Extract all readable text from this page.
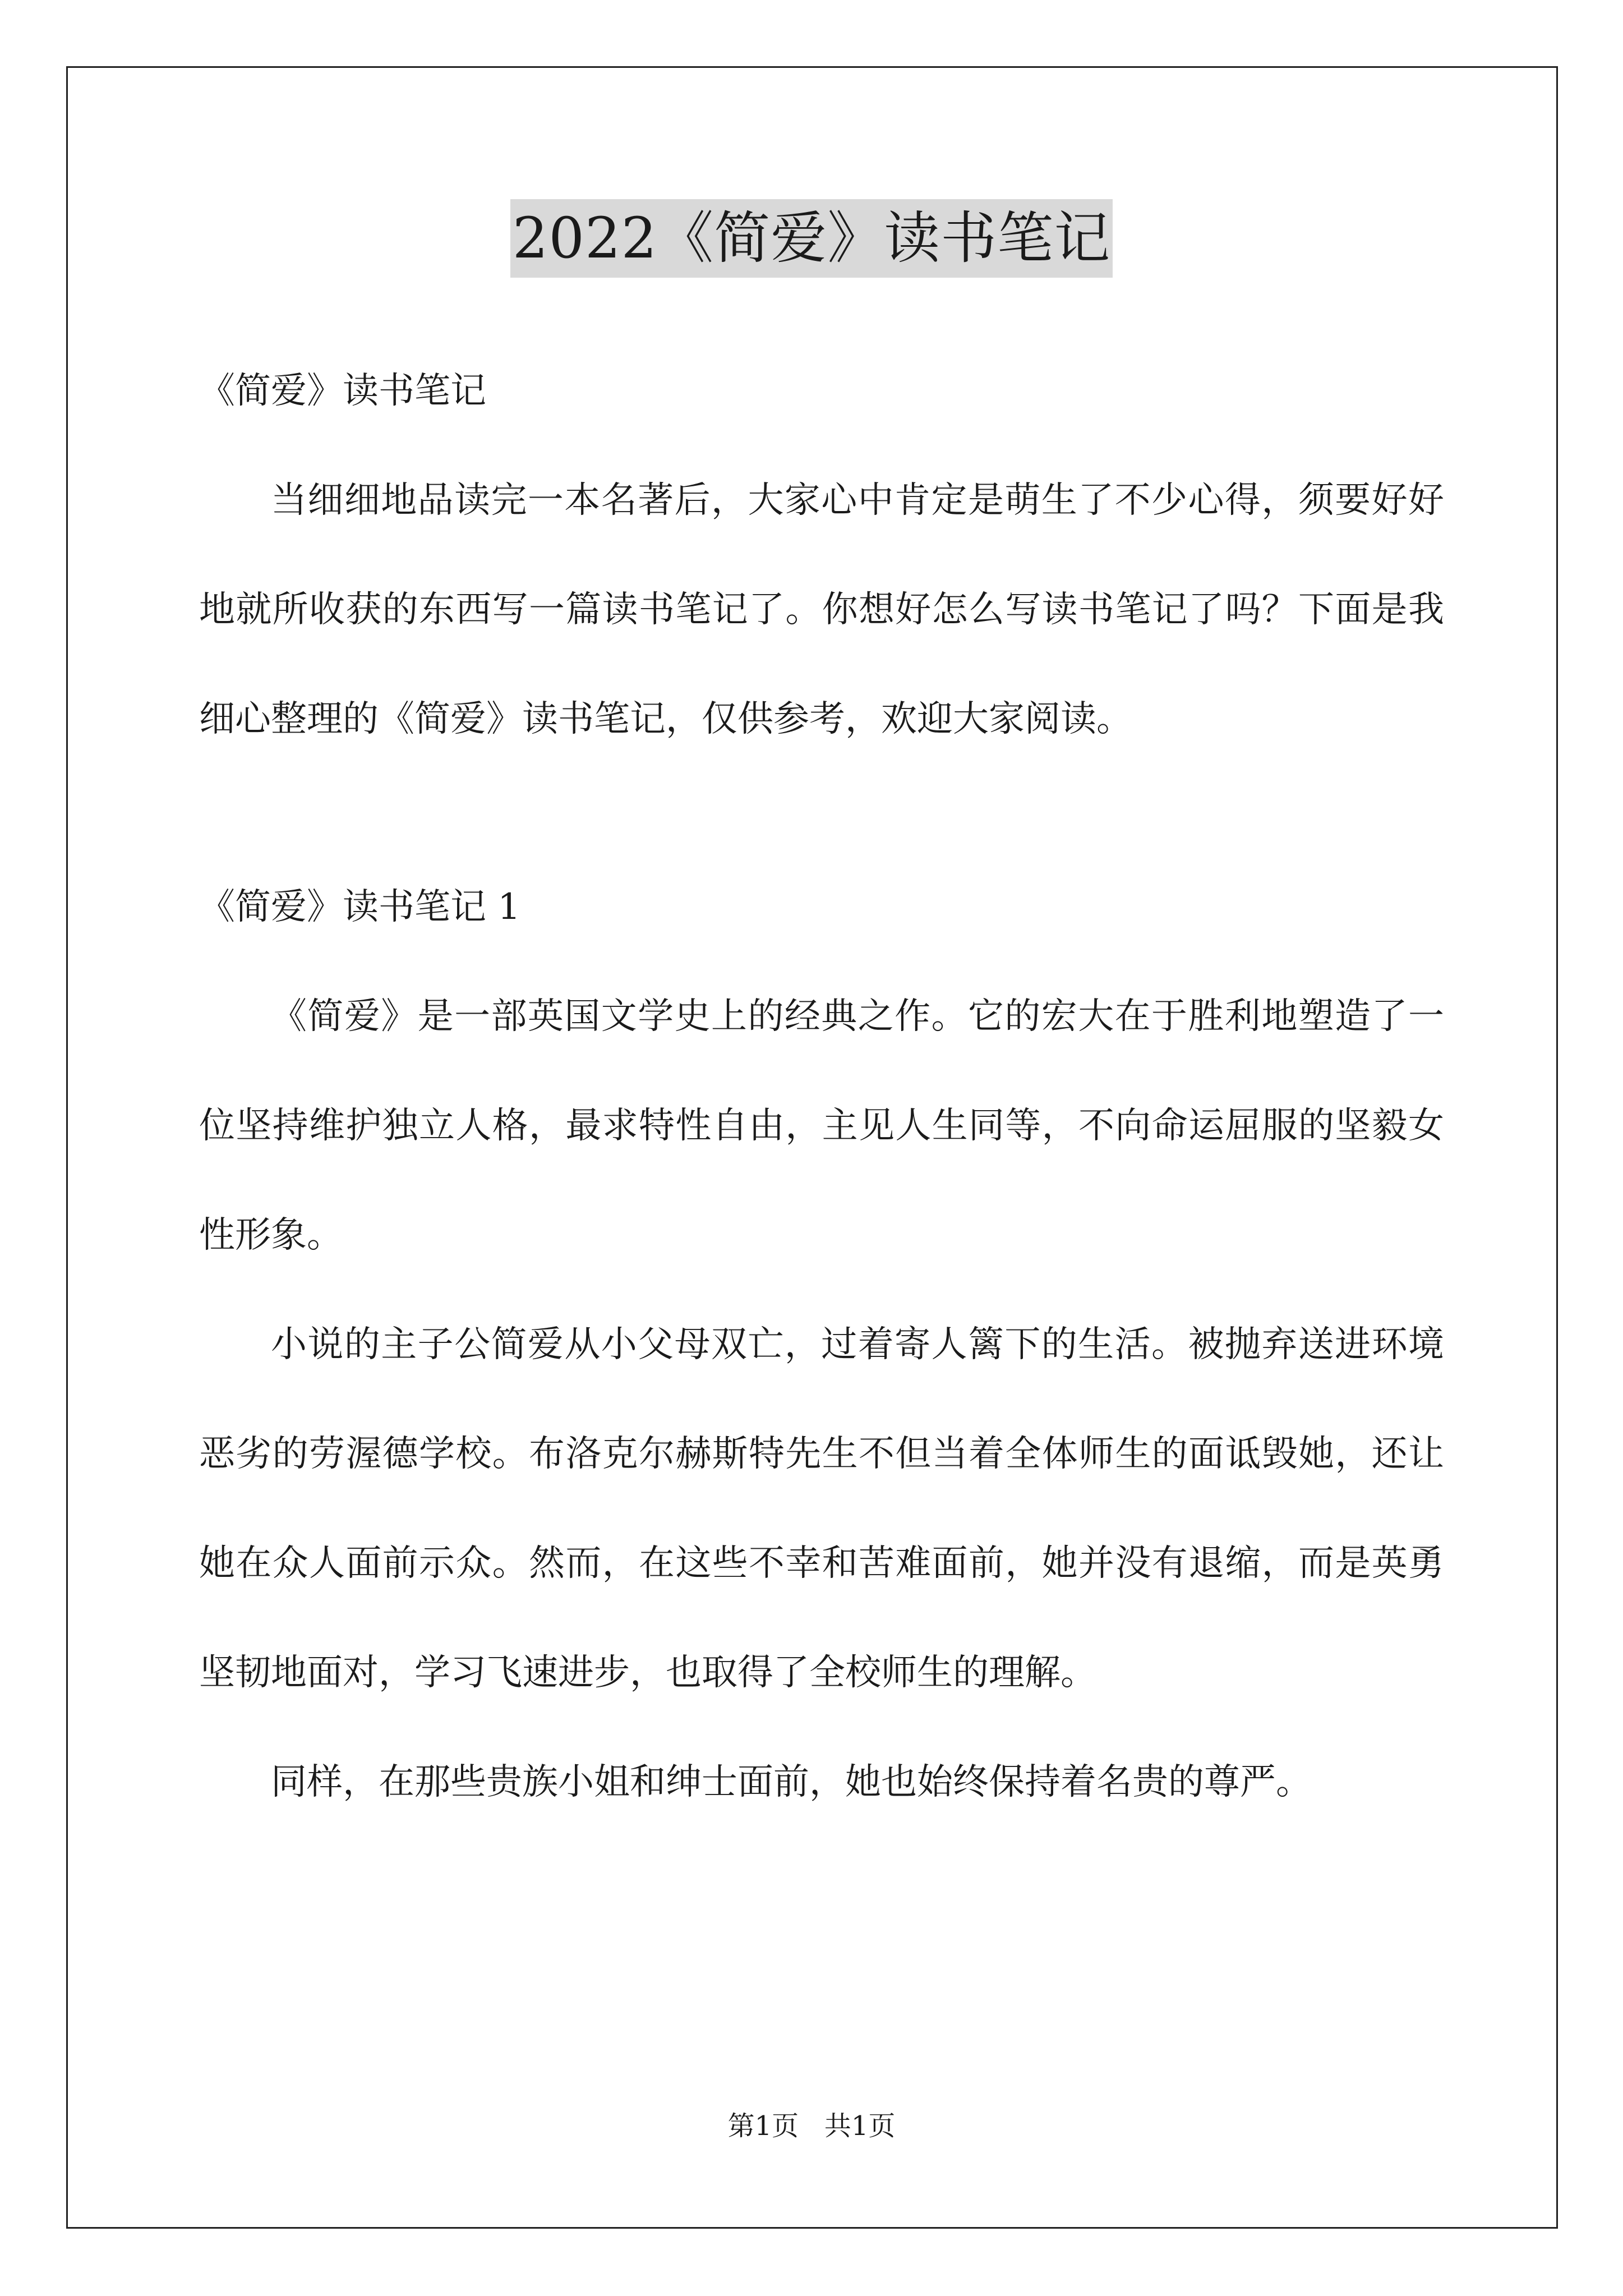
2022《简爱》读书笔记

《简爱》读书笔记

当细细地品读完一本名著后，大家心中肯定是萌生了不少心得，须要好好地就所收获的东西写一篇读书笔记了。你想好怎么写读书笔记了吗？下面是我细心整理的《简爱》读书笔记，仅供参考，欢迎大家阅读。

《简爱》读书笔记 1

《简爱》是一部英国文学史上的经典之作。它的宏大在于胜利地塑造了一位坚持维护独立人格，最求特性自由，主见人生同等，不向命运屈服的坚毅女性形象。

小说的主子公简爱从小父母双亡，过着寄人篱下的生活。被抛弃送进环境恶劣的劳渥德学校。布洛克尔赫斯特先生不但当着全体师生的面诋毁她，还让她在众人面前示众。然而，在这些不幸和苦难面前，她并没有退缩，而是英勇坚韧地面对，学习飞速进步，也取得了全校师生的理解。

同样，在那些贵族小姐和绅士面前，她也始终保持着名贵的尊严。

第1页   共1页
